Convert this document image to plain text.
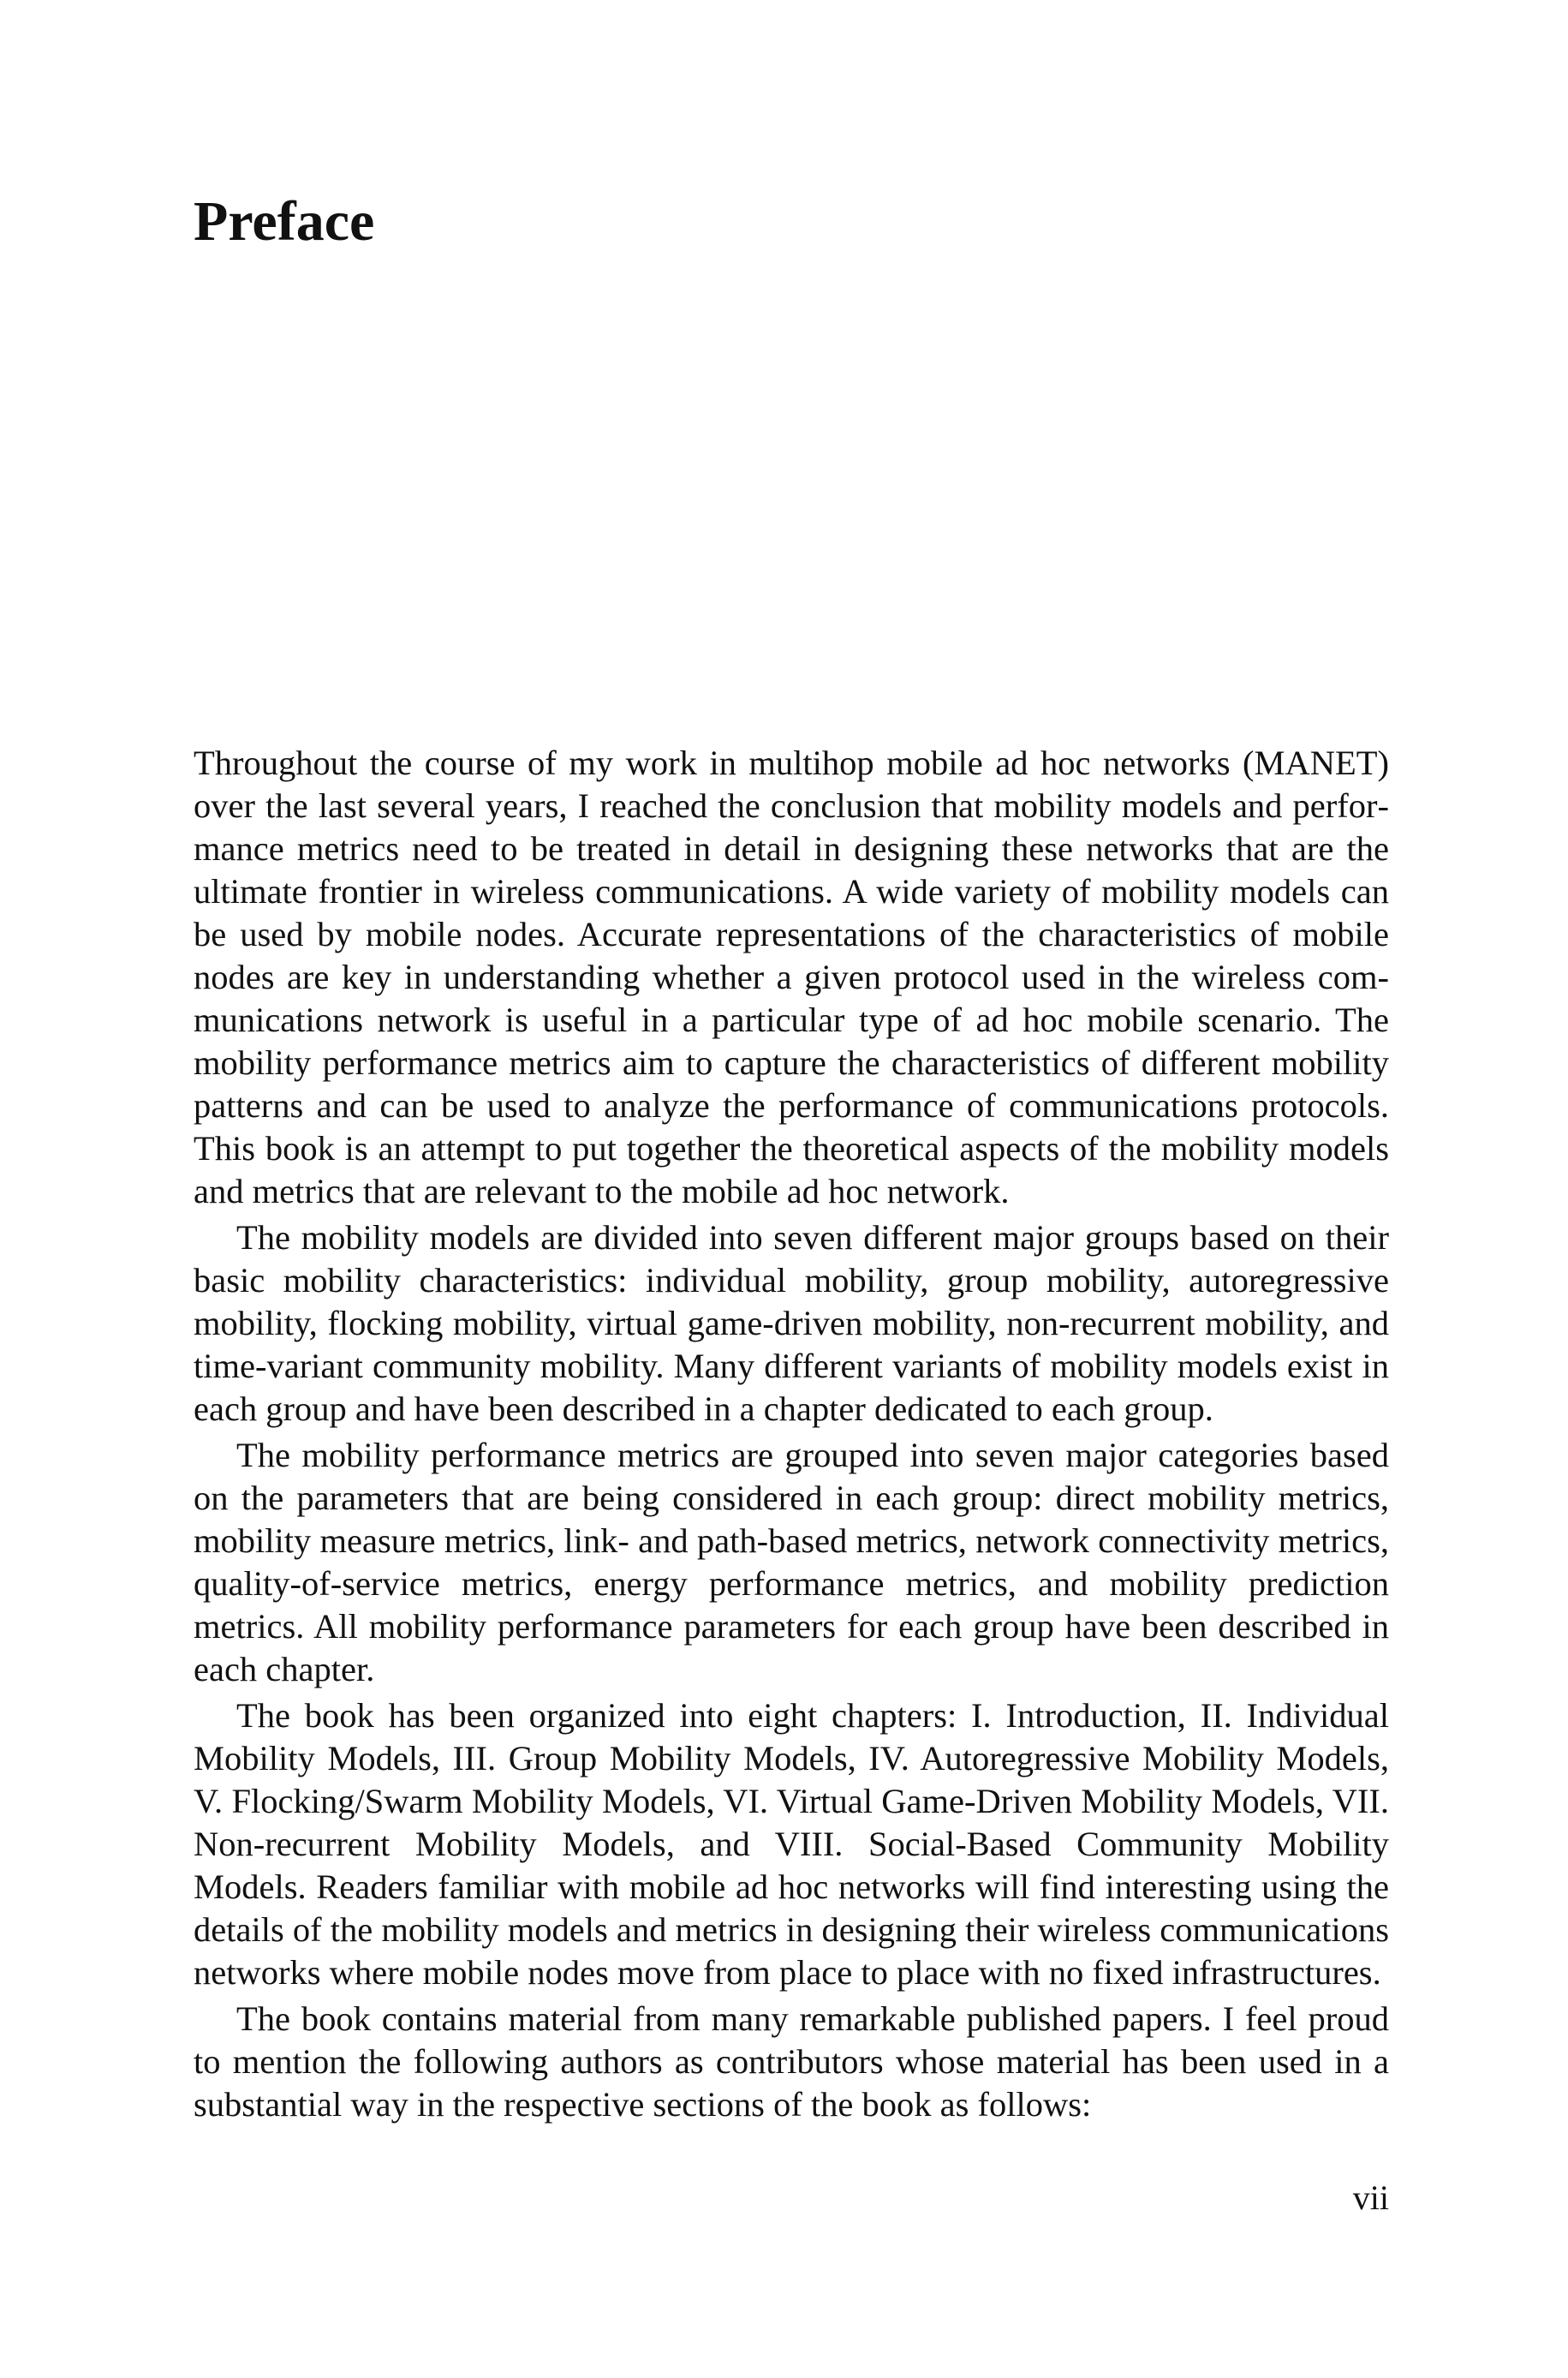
Preface

Throughout the course of my work in multihop mobile ad hoc networks (MANET) over the last several years, I reached the conclusion that mobility models and performance metrics need to be treated in detail in designing these networks that are the ultimate frontier in wireless communications. A wide variety of mobility models can be used by mobile nodes. Accurate representations of the characteristics of mobile nodes are key in understanding whether a given protocol used in the wireless communications network is useful in a particular type of ad hoc mobile scenario. The mobility performance metrics aim to capture the characteristics of different mobility patterns and can be used to analyze the performance of communications protocols. This book is an attempt to put together the theoretical aspects of the mobility models and metrics that are relevant to the mobile ad hoc network.

The mobility models are divided into seven different major groups based on their basic mobility characteristics: individual mobility, group mobility, autoregressive mobility, flocking mobility, virtual game-driven mobility, non-recurrent mobility, and time-variant community mobility. Many different variants of mobility models exist in each group and have been described in a chapter dedicated to each group.

The mobility performance metrics are grouped into seven major categories based on the parameters that are being considered in each group: direct mobility metrics, mobility measure metrics, link- and path-based metrics, network connectivity metrics, quality-of-service metrics, energy performance metrics, and mobility prediction metrics. All mobility performance parameters for each group have been described in each chapter.

The book has been organized into eight chapters: I. Introduction, II. Individual Mobility Models, III. Group Mobility Models, IV. Autoregressive Mobility Models, V. Flocking/Swarm Mobility Models, VI. Virtual Game-Driven Mobility Models, VII. Non-recurrent Mobility Models, and VIII. Social-Based Community Mobility Models. Readers familiar with mobile ad hoc networks will find interesting using the details of the mobility models and metrics in designing their wireless communications networks where mobile nodes move from place to place with no fixed infrastructures.

The book contains material from many remarkable published papers. I feel proud to mention the following authors as contributors whose material has been used in a substantial way in the respective sections of the book as follows:

vii
